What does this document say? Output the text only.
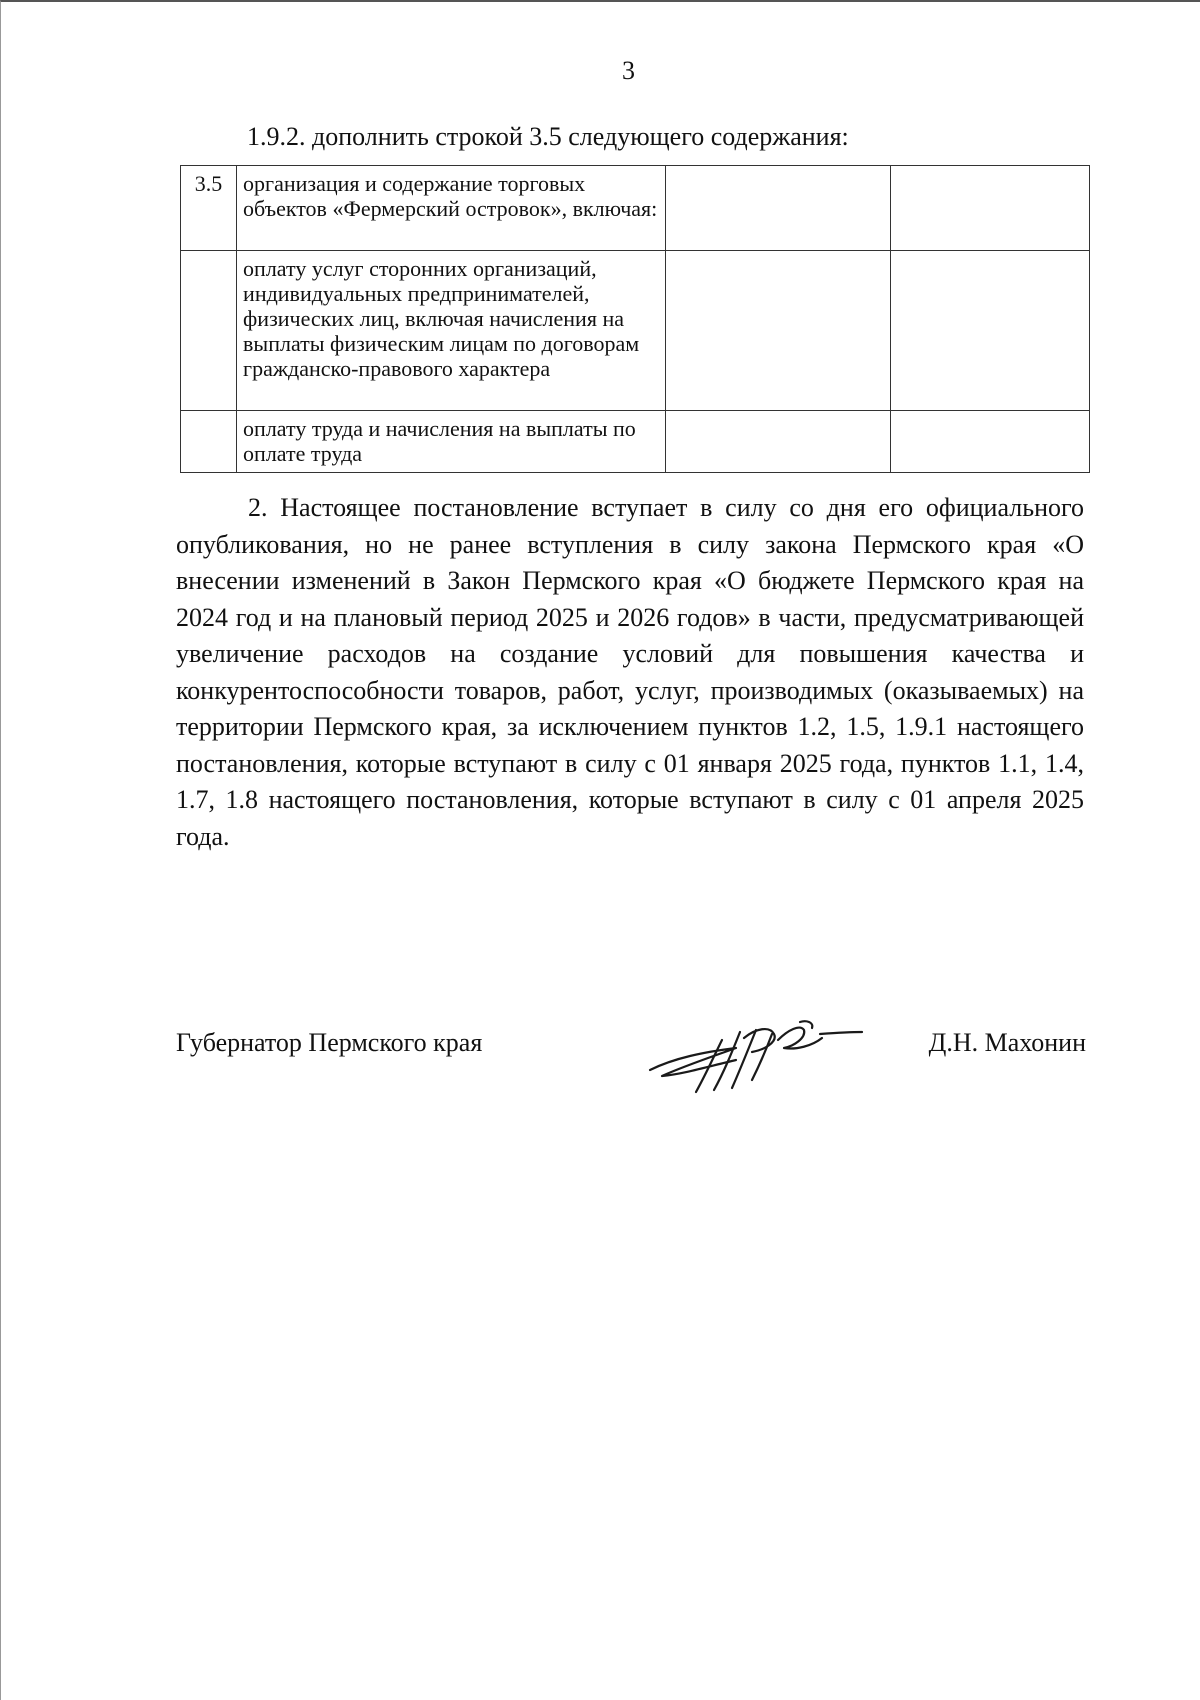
3
1.9.2. дополнить строкой 3.5 следующего содержания:
3.5	организация и содержание торговых объектов «Фермерский островок», включая:		
	оплату услуг сторонних организаций, индивидуальных предпринимателей, физических лиц, включая начисления на выплаты физическим лицам по договорам гражданско-правового характера		
	оплату труда и начисления на выплаты по оплате труда		

2. Настоящее постановление вступает в силу со дня его официального опубликования, но не ранее вступления в силу закона Пермского края «О внесении изменений в Закон Пермского края «О бюджете Пермского края на 2024 год и на плановый период 2025 и 2026 годов» в части, предусматривающей увеличение расходов на создание условий для повышения качества и конкурентоспособности товаров, работ, услуг, производимых (оказываемых) на территории Пермского края, за исключением пунктов 1.2, 1.5, 1.9.1 настоящего постановления, которые вступают в силу с 01 января 2025 года, пунктов 1.1, 1.4, 1.7, 1.8 настоящего постановления, которые вступают в силу с 01 апреля 2025 года.

Губернатор Пермского края	Д.Н. Махонин
